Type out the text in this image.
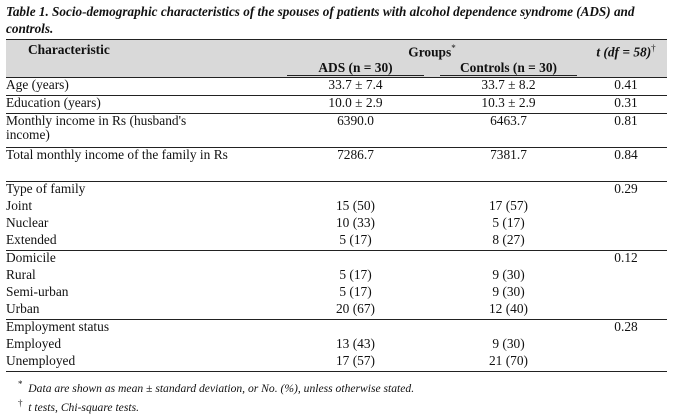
Table 1. Socio-demographic characteristics of the spouses of patients with alcohol dependence syndrome (ADS) and controls.
Characteristic	Groups*		t (df = 58)†

	ADS (n = 30)	Controls (n = 30)	

Age (years)	33.7 ± 7.4	33.7 ± 8.2	0.41
Education (years)	10.0 ± 2.9	10.3 ± 2.9	0.31
Monthly income in Rs (husband's income)	6390.0	6463.7	0.81
Total monthly income of the family in Rs	7286.7	7381.7	0.84
Type of family			0.29
Joint	15 (50)	17 (57)	
Nuclear	10 (33)	5 (17)	
Extended	5 (17)	8 (27)	
Domicile			0.12
Rural	5 (17)	9 (30)	
Semi-urban	5 (17)	9 (30)	
Urban	20 (67)	12 (40)	
Employment status			0.28
Employed	13 (43)	9 (30)	
Unemployed	17 (57)	21 (70)	
* Data are shown as mean ± standard deviation, or No. (%), unless otherwise stated.
† t tests, Chi-square tests.
